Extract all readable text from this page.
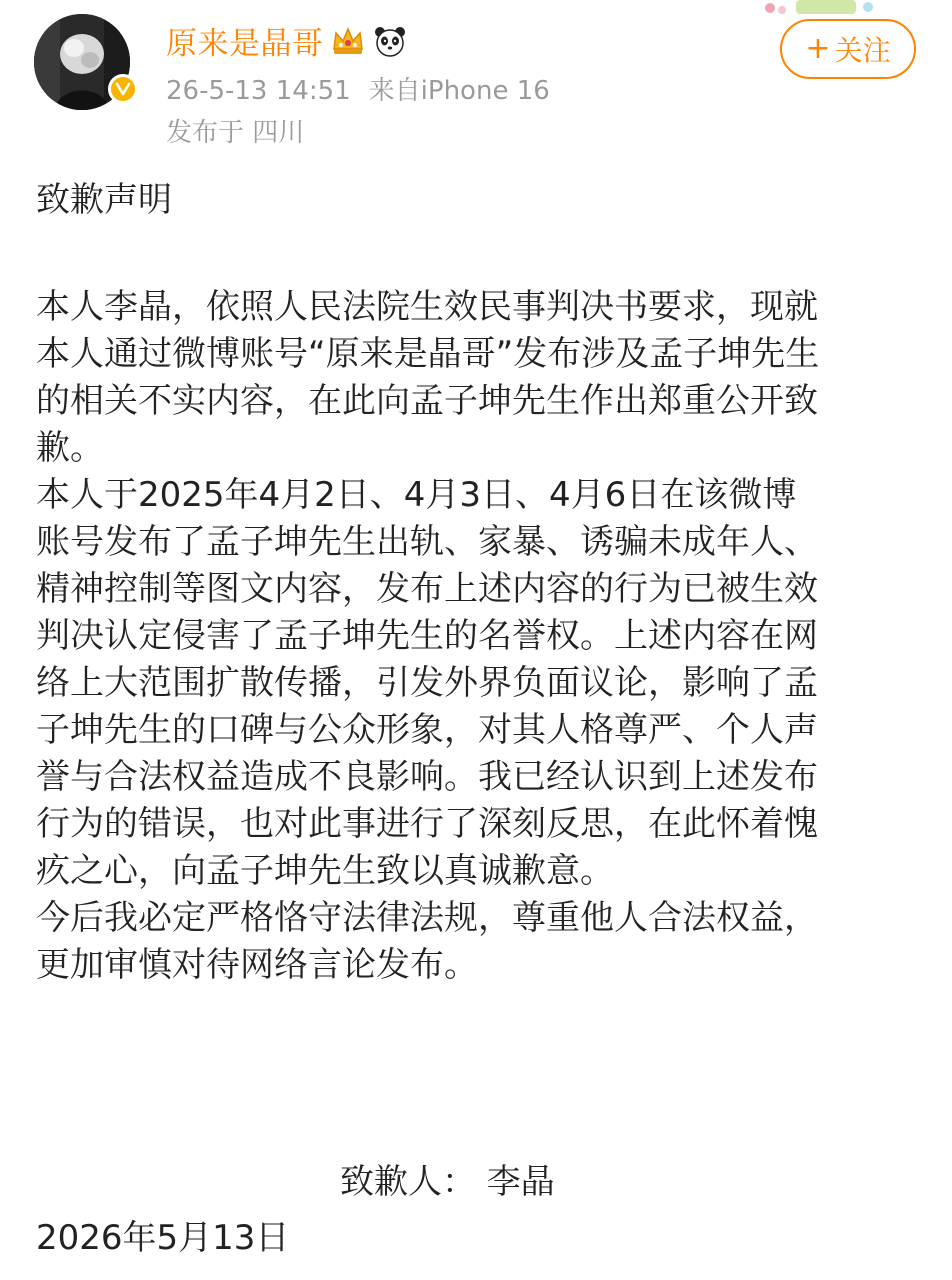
原来是晶哥
26-5-13 14:51 来自iPhone 16
发布于 四川
+ 关注
致歉声明

本人李晶，依照人民法院生效民事判决书要求，现就
本人通过微博账号“原来是晶哥”发布涉及孟子坤先生
的相关不实内容，在此向孟子坤先生作出郑重公开致
歉。

本人于2025年4月2日、4月3日、4月6日在该微博
账号发布了孟子坤先生出轨、家暴、诱骗未成年人、
精神控制等图文内容，发布上述内容的行为已被生效
判决认定侵害了孟子坤先生的名誉权。上述内容在网
络上大范围扩散传播，引发外界负面议论，影响了孟
子坤先生的口碑与公众形象，对其人格尊严、个人声
誉与合法权益造成不良影响。我已经认识到上述发布
行为的错误，也对此事进行了深刻反思，在此怀着愧
疚之心，向孟子坤先生致以真诚歉意。

今后我必定严格恪守法律法规，尊重他人合法权益，
更加审慎对待网络言论发布。

致歉人： 李晶
2026年5月13日
